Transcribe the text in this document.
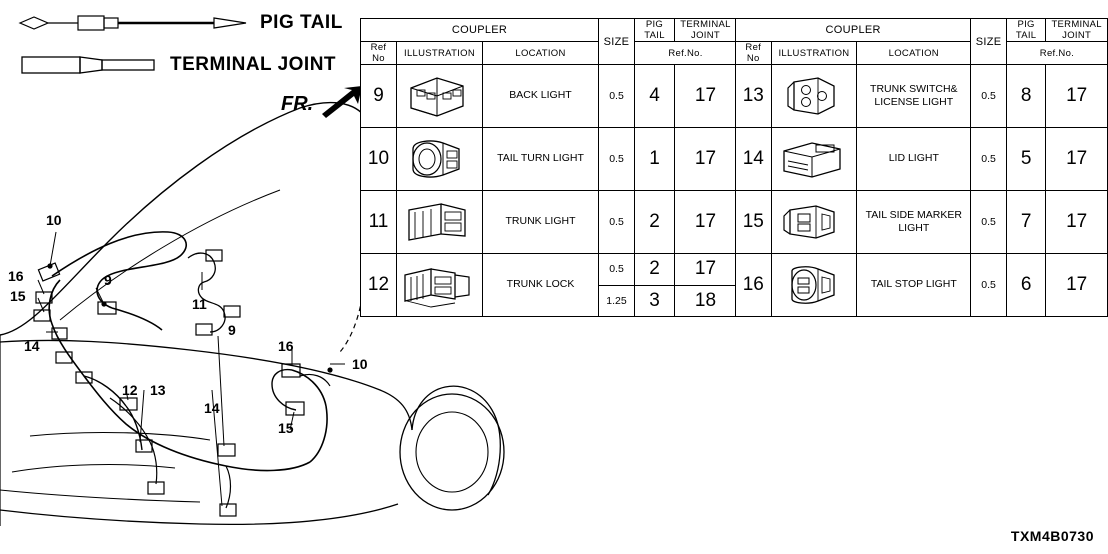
PIG TAIL
TERMINAL JOINT
FR.
10
16
15
9
14
11
12 13
14
9
16
10
15
COUPLER			SIZE	PIG
TAIL	TERMINAL
JOINT
Ref
No	ILLUSTRATION	LOCATION		Ref.No.	
9		BACK LIGHT	0.5	4	17
10		TAIL TURN LIGHT	0.5	1	17
11		TRUNK LIGHT	0.5	2	17
12		TRUNK LOCK	0.5	2	17
			1.25	3	18
COUPLER			SIZE	PIG
TAIL	TERMINAL
JOINT
Ref
No	ILLUSTRATION	LOCATION		Ref.No.	
13		TRUNK SWITCH&
LICENSE LIGHT	0.5	8	17
14		LID LIGHT	0.5	5	17
15		TAIL SIDE MARKER
LIGHT	0.5	7	17
16		TAIL STOP LIGHT	0.5	6	17
TXM4B0730
